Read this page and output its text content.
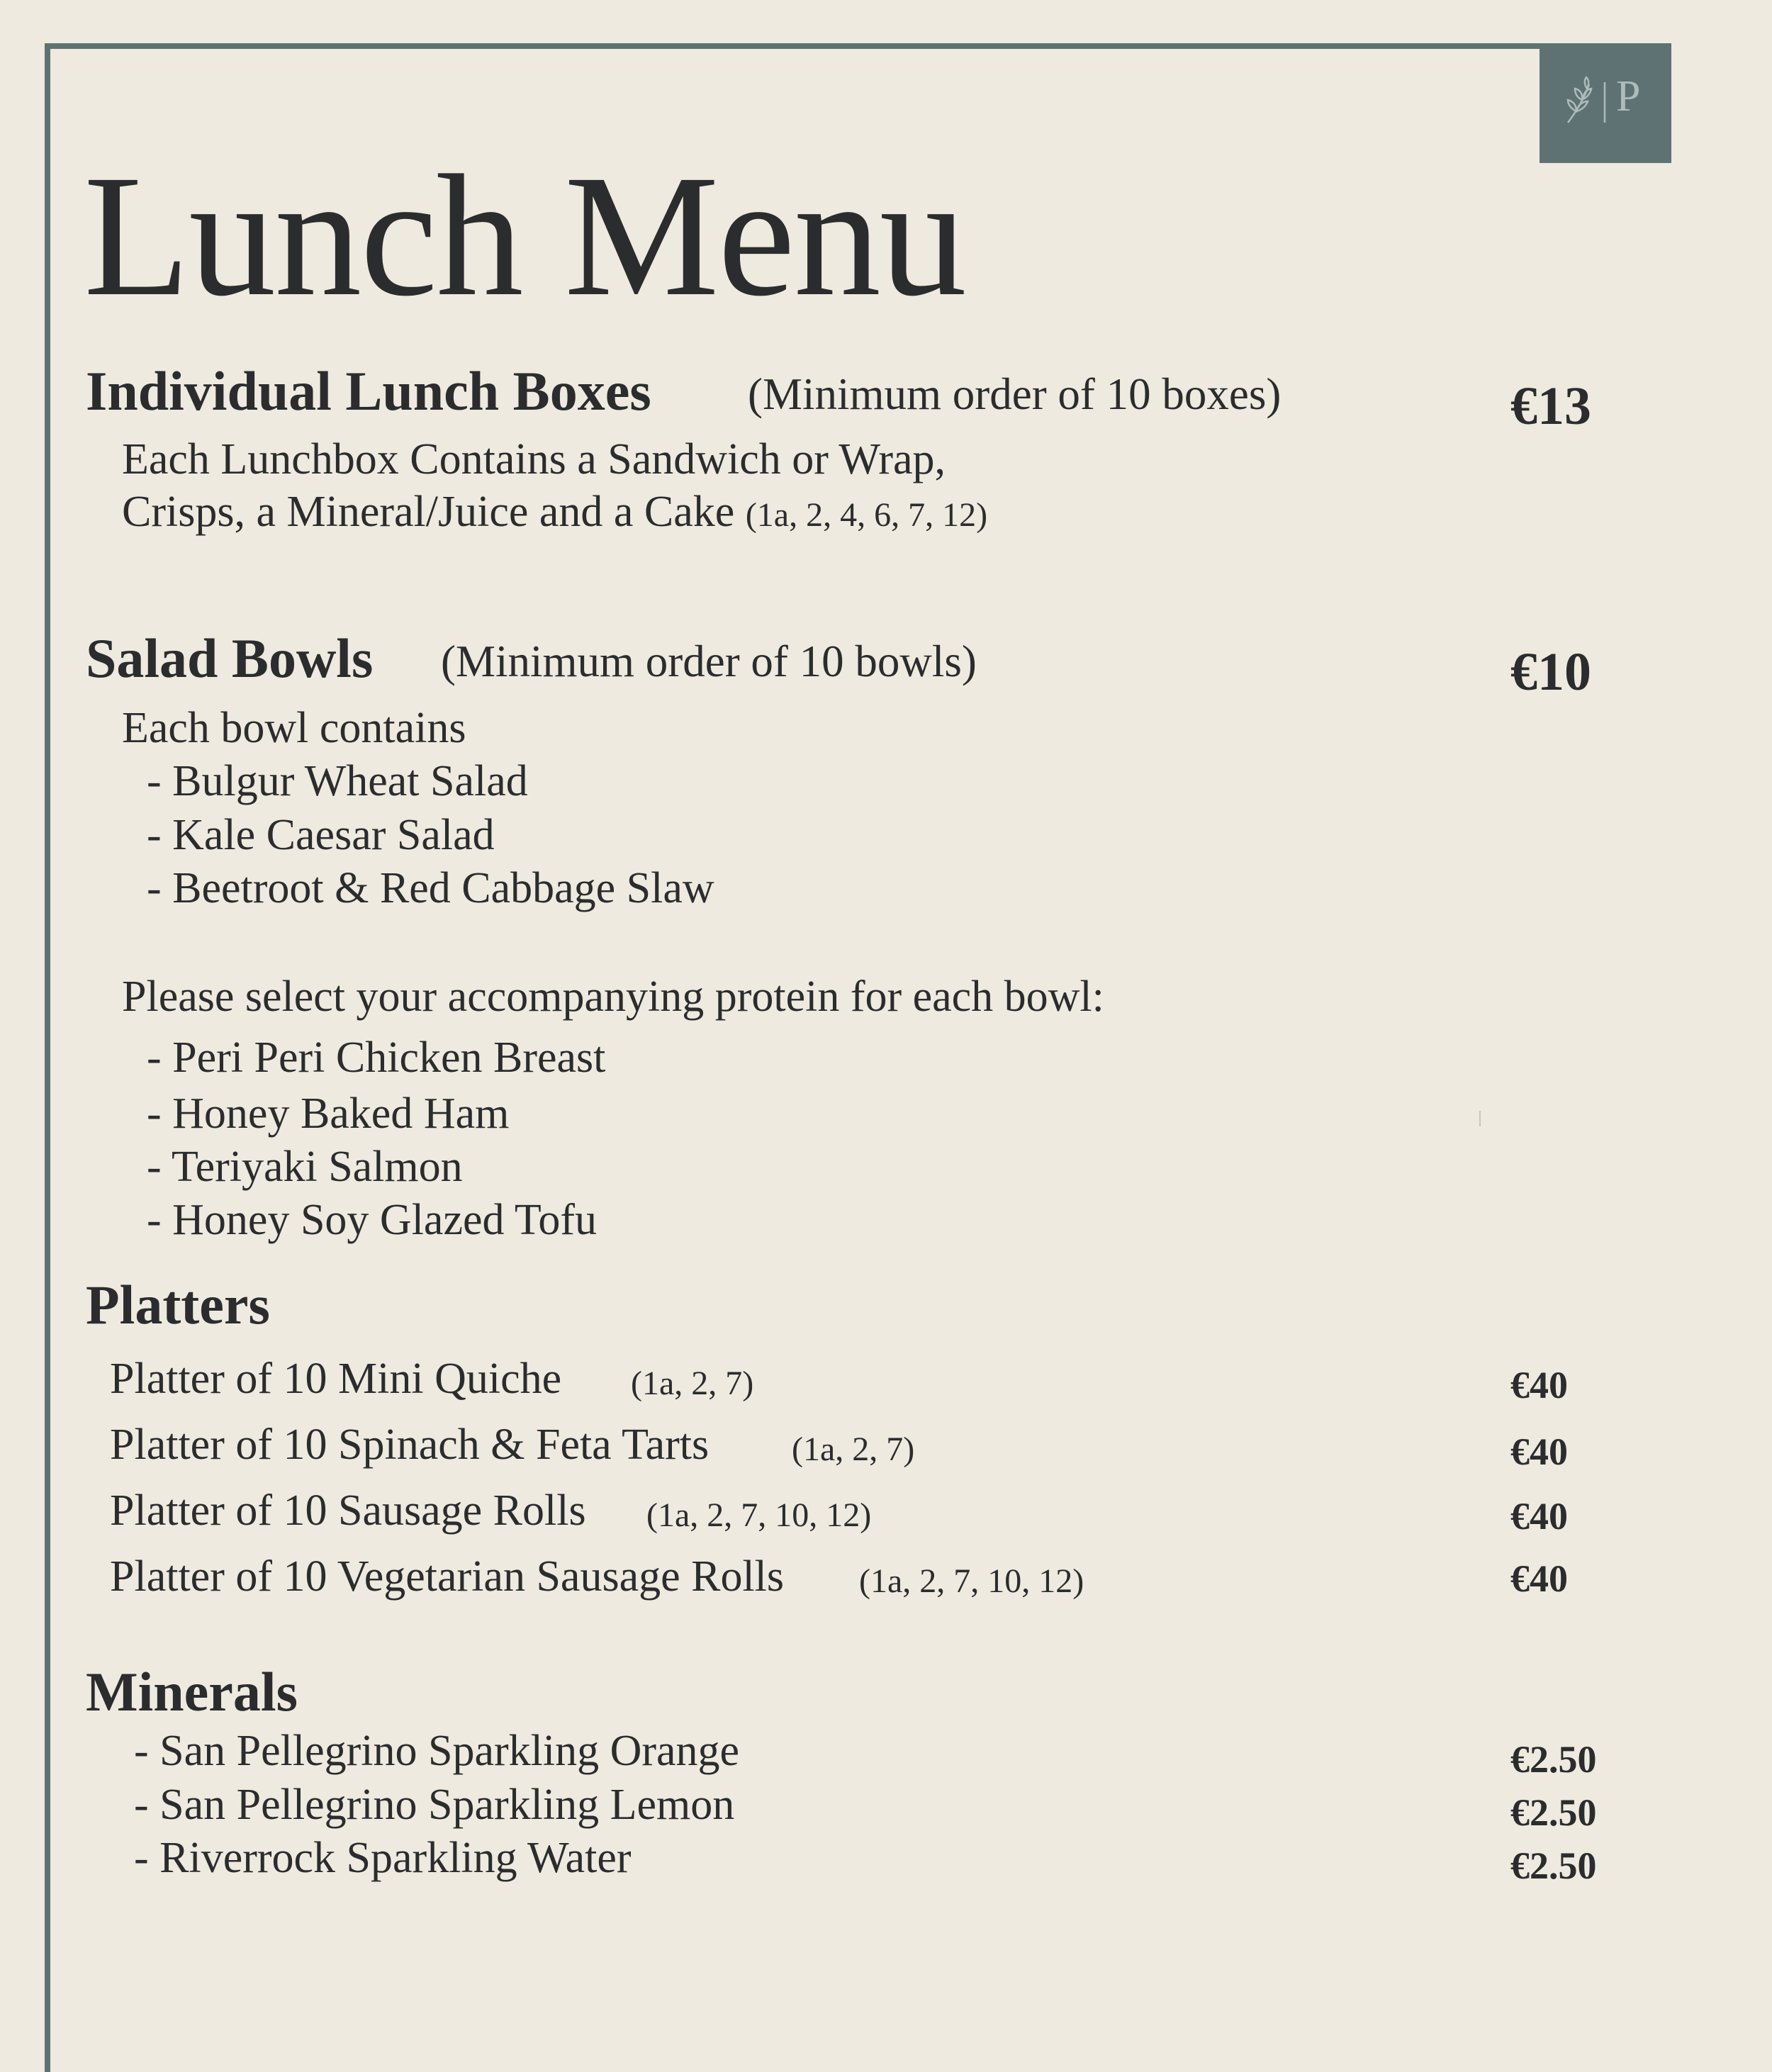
P
Lunch Menu
Individual Lunch Boxes (Minimum order of 10 boxes)	€13
Each Lunchbox Contains a Sandwich or Wrap,
Crisps, a Mineral/Juice and a Cake (1a, 2, 4, 6, 7, 12)
Salad Bowls (Minimum order of 10 bowls)	€10
Each bowl contains
- Bulgur Wheat Salad
- Kale Caesar Salad
- Beetroot & Red Cabbage Slaw
Please select your accompanying protein for each bowl:
- Peri Peri Chicken Breast
- Honey Baked Ham
- Teriyaki Salmon
- Honey Soy Glazed Tofu
Platters
Platter of 10 Mini Quiche (1a, 2, 7)	€40
Platter of 10 Spinach & Feta Tarts (1a, 2, 7)	€40
Platter of 10 Sausage Rolls (1a, 2, 7, 10, 12)	€40
Platter of 10 Vegetarian Sausage Rolls (1a, 2, 7, 10, 12)	€40
Minerals
- San Pellegrino Sparkling Orange	€2.50
- San Pellegrino Sparkling Lemon	€2.50
- Riverrock Sparkling Water	€2.50
